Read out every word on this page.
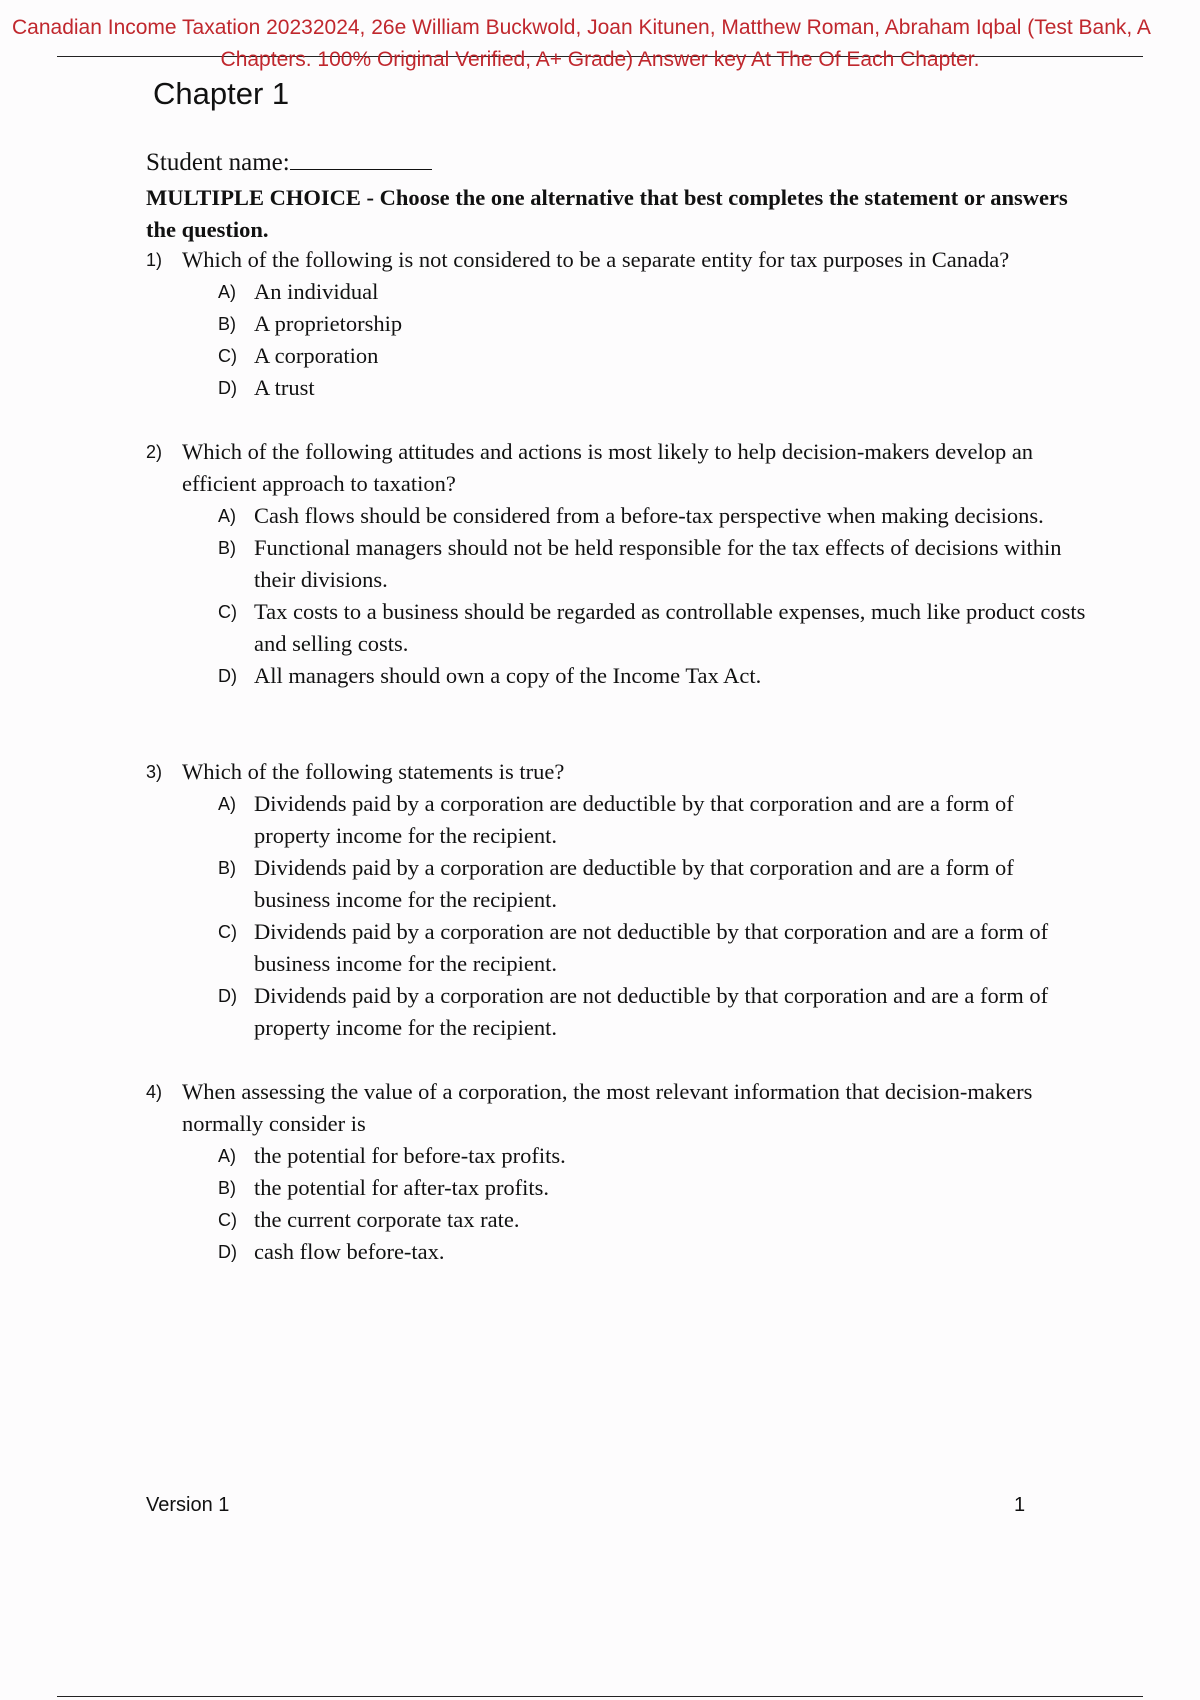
Canadian Income Taxation 20232024, 26e William Buckwold, Joan Kitunen, Matthew Roman, Abraham Iqbal (Test Bank, A
Chapters. 100% Original Verified, A+ Grade) Answer key At The Of Each Chapter.
Chapter 1
Student name:
MULTIPLE CHOICE - Choose the one alternative that best completes the statement or answers the question.
1) Which of the following is not considered to be a separate entity for tax purposes in Canada?
A) An individual
B) A proprietorship
C) A corporation
D) A trust
2) Which of the following attitudes and actions is most likely to help decision-makers develop an efficient approach to taxation?
A) Cash flows should be considered from a before-tax perspective when making decisions.
B) Functional managers should not be held responsible for the tax effects of decisions within their divisions.
C) Tax costs to a business should be regarded as controllable expenses, much like product costs and selling costs.
D) All managers should own a copy of the Income Tax Act.
3) Which of the following statements is true?
A) Dividends paid by a corporation are deductible by that corporation and are a form of property income for the recipient.
B) Dividends paid by a corporation are deductible by that corporation and are a form of business income for the recipient.
C) Dividends paid by a corporation are not deductible by that corporation and are a form of business income for the recipient.
D) Dividends paid by a corporation are not deductible by that corporation and are a form of property income for the recipient.
4) When assessing the value of a corporation, the most relevant information that decision-makers normally consider is
A) the potential for before-tax profits.
B) the potential for after-tax profits.
C) the current corporate tax rate.
D) cash flow before-tax.
Version 1	1
